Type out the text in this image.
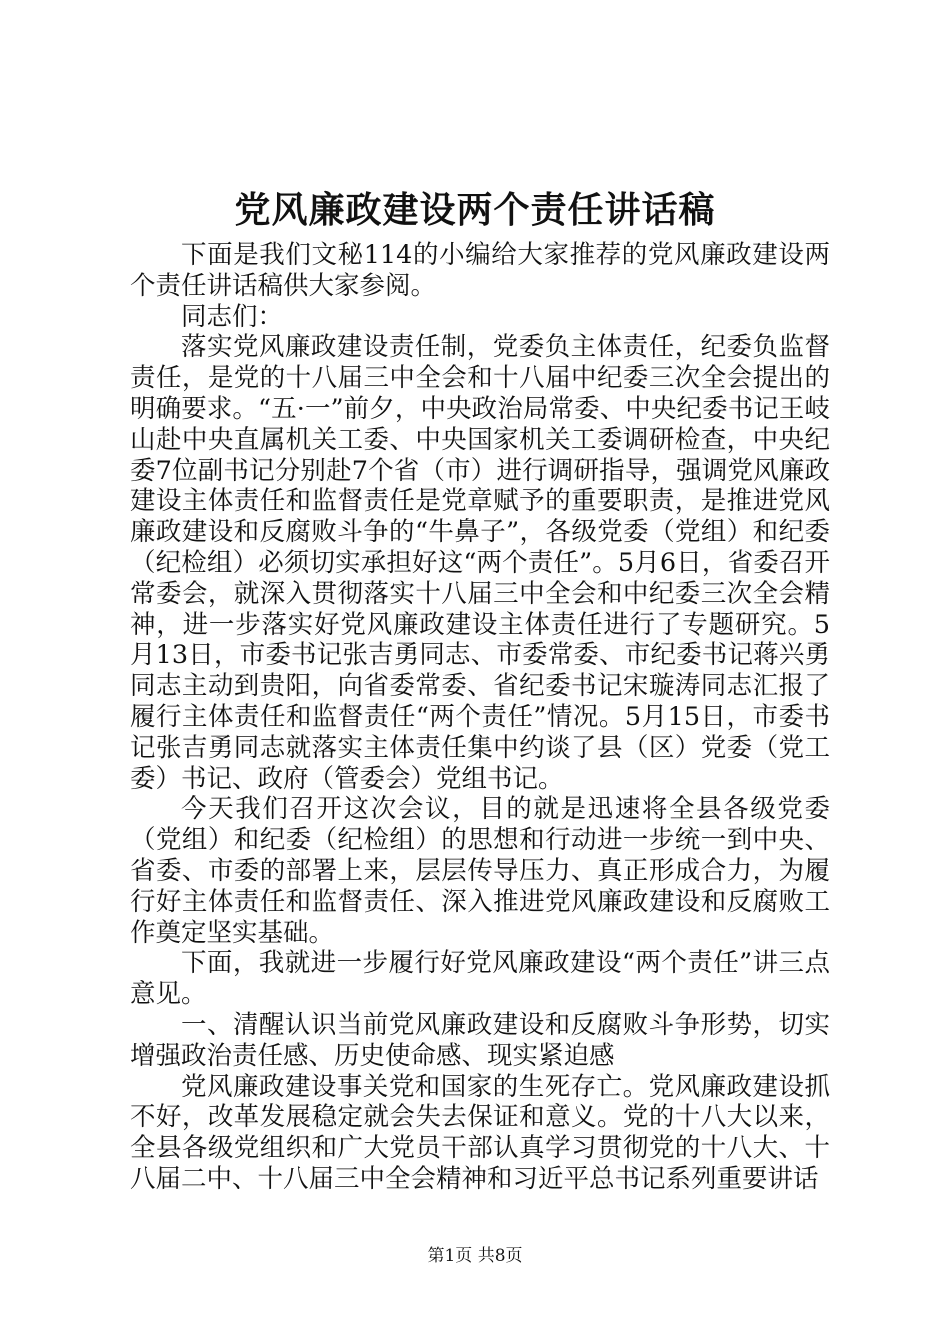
党风廉政建设两个责任讲话稿

下面是我们文秘114的小编给大家推荐的党风廉政建设两个责任讲话稿供大家参阅。

同志们：

落实党风廉政建设责任制，党委负主体责任，纪委负监督责任，是党的十八届三中全会和十八届中纪委三次全会提出的明确要求。“五·一”前夕，中央政治局常委、中央纪委书记王岐山赴中央直属机关工委、中央国家机关工委调研检查，中央纪委7位副书记分别赴7个省（市）进行调研指导，强调党风廉政建设主体责任和监督责任是党章赋予的重要职责，是推进党风廉政建设和反腐败斗争的“牛鼻子”，各级党委（党组）和纪委（纪检组）必须切实承担好这“两个责任”。5月6日，省委召开常委会，就深入贯彻落实十八届三中全会和中纪委三次全会精神，进一步落实好党风廉政建设主体责任进行了专题研究。5月13日，市委书记张吉勇同志、市委常委、市纪委书记蒋兴勇同志主动到贵阳，向省委常委、省纪委书记宋璇涛同志汇报了履行主体责任和监督责任“两个责任”情况。5月15日，市委书记张吉勇同志就落实主体责任集中约谈了县（区）党委（党工委）书记、政府（管委会）党组书记。

今天我们召开这次会议，目的就是迅速将全县各级党委（党组）和纪委（纪检组）的思想和行动进一步统一到中央、省委、市委的部署上来，层层传导压力、真正形成合力，为履行好主体责任和监督责任、深入推进党风廉政建设和反腐败工作奠定坚实基础。

下面，我就进一步履行好党风廉政建设“两个责任”讲三点意见。

一、清醒认识当前党风廉政建设和反腐败斗争形势，切实增强政治责任感、历史使命感、现实紧迫感

党风廉政建设事关党和国家的生死存亡。党风廉政建设抓不好，改革发展稳定就会失去保证和意义。党的十八大以来，全县各级党组织和广大党员干部认真学习贯彻党的十八大、十八届二中、十八届三中全会精神和习近平总书记系列重要讲话

第1页 共8页
